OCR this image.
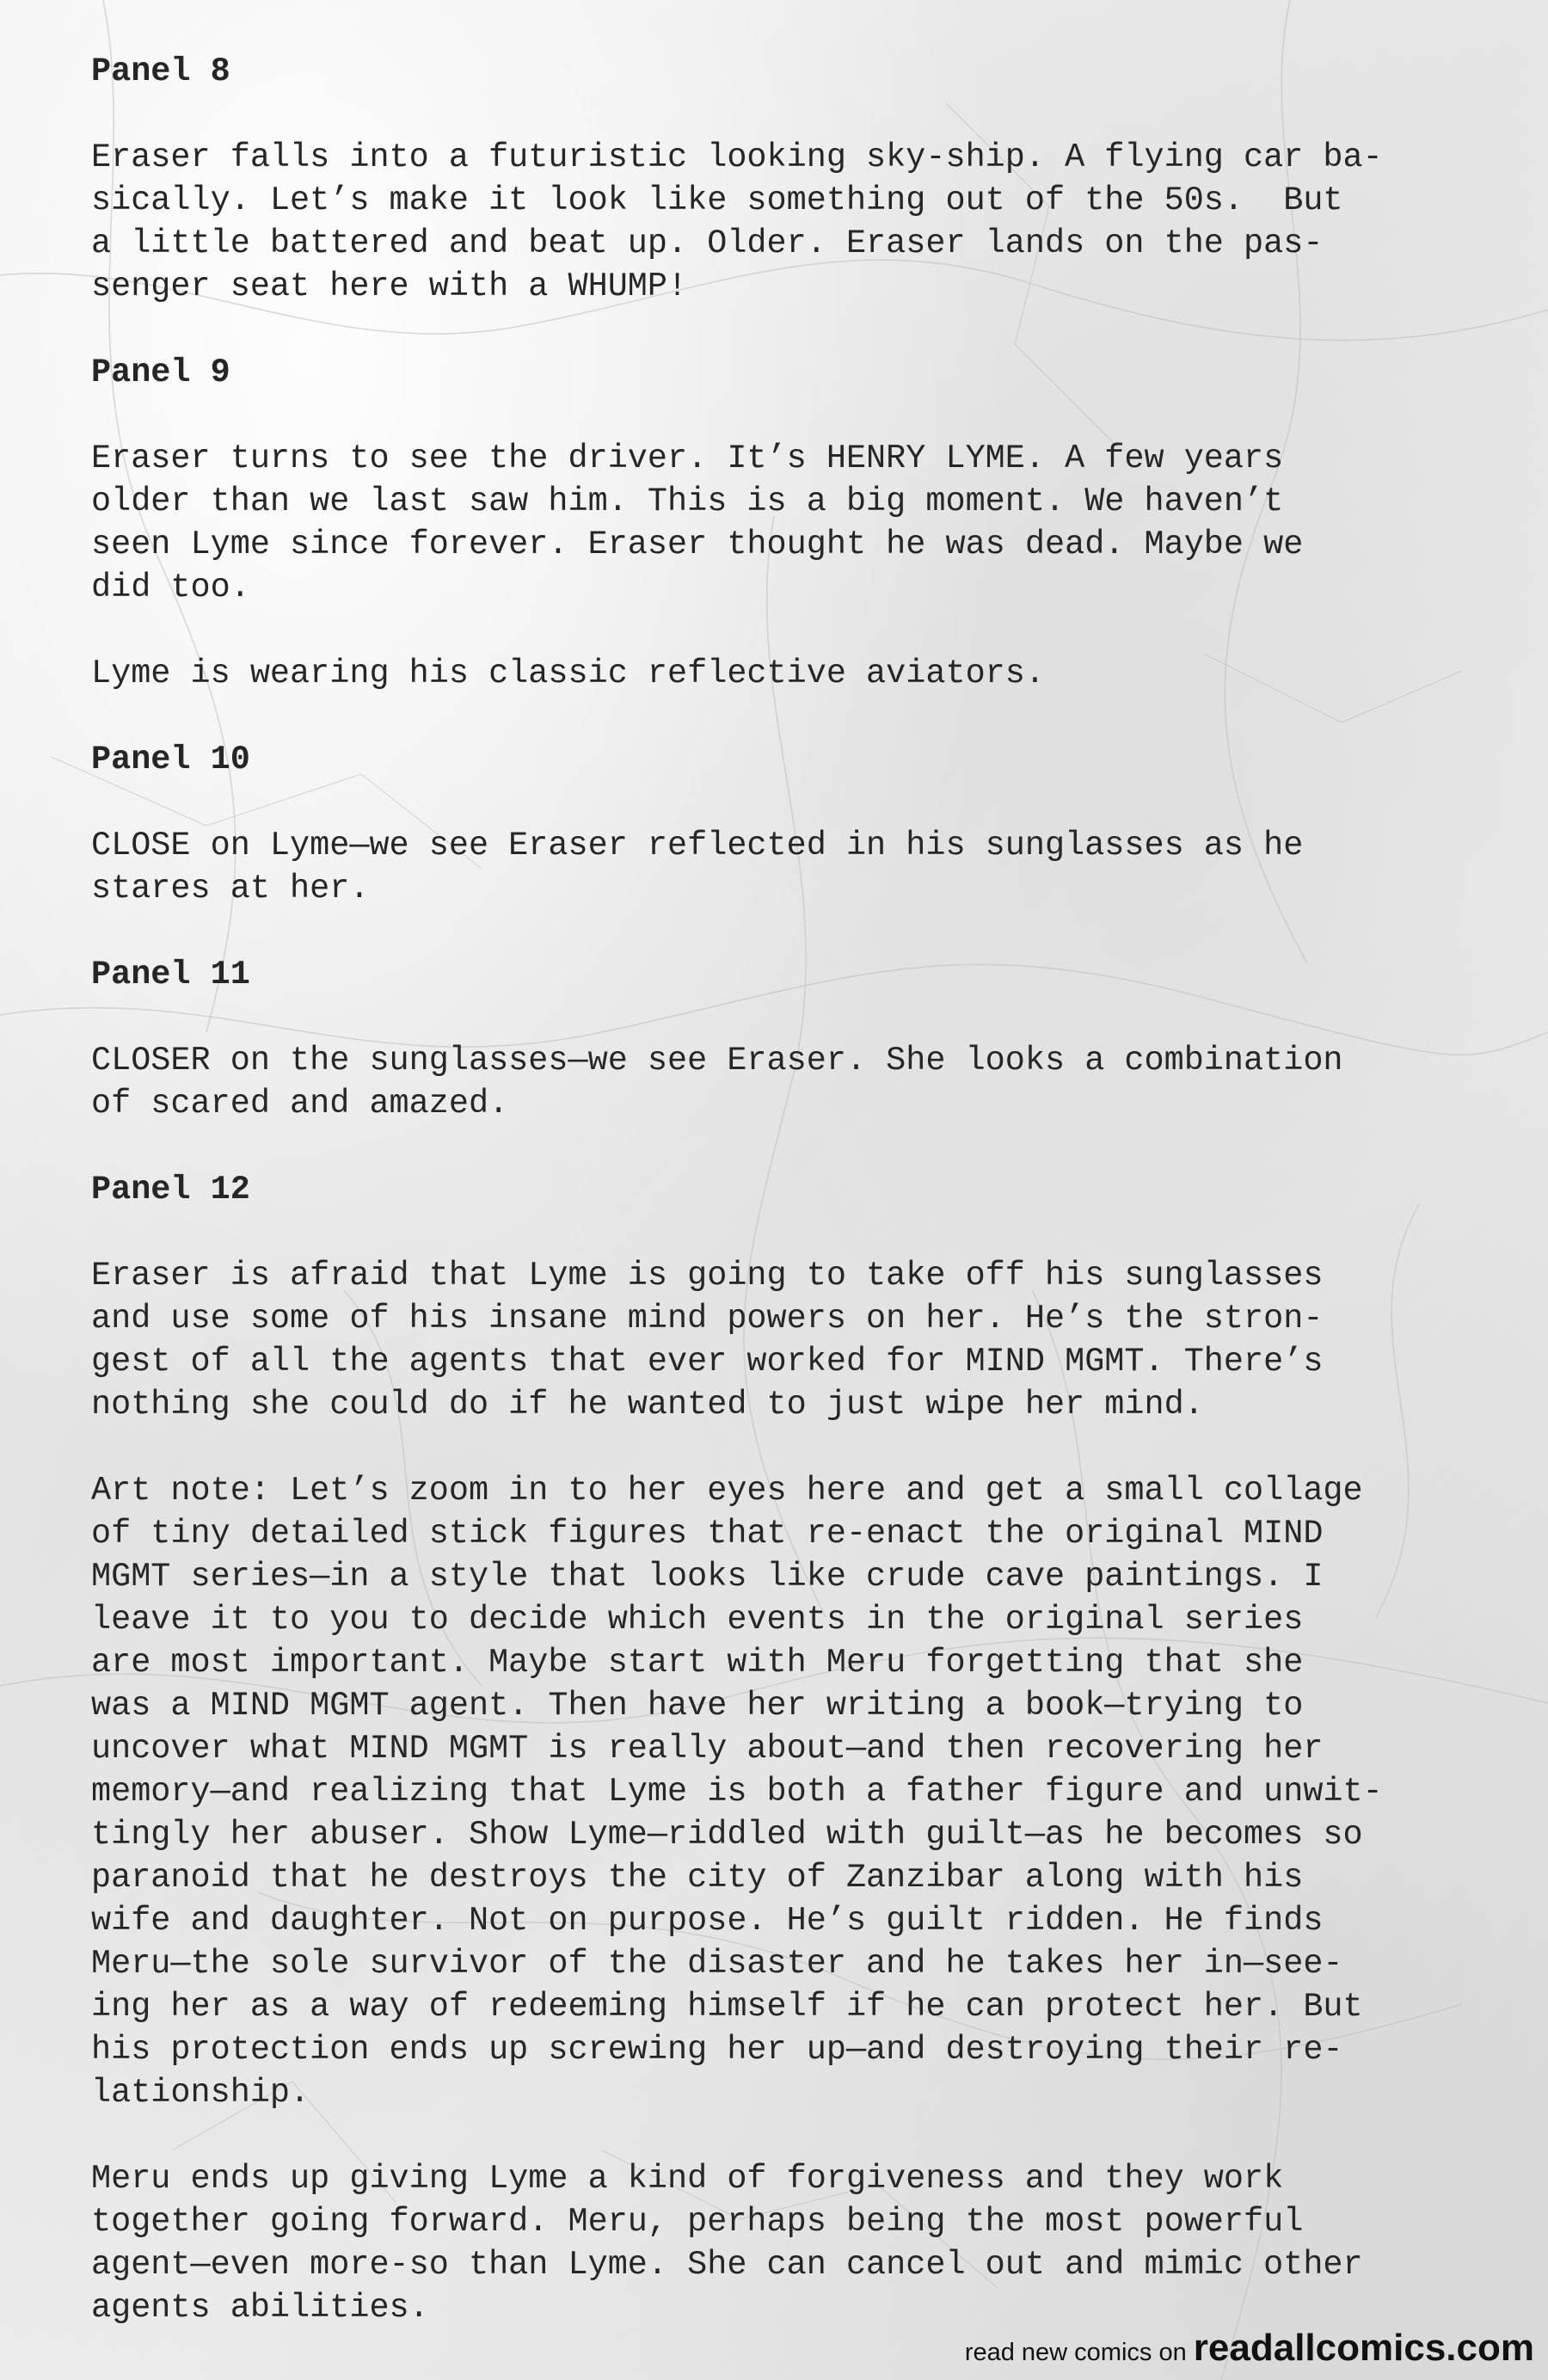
Panel 8
Eraser falls into a futuristic looking sky-ship. A flying car ba-
sically. Let’s make it look like something out of the 50s.  But
a little battered and beat up. Older. Eraser lands on the pas-
senger seat here with a WHUMP!
Panel 9
Eraser turns to see the driver. It’s HENRY LYME. A few years
older than we last saw him. This is a big moment. We haven’t
seen Lyme since forever. Eraser thought he was dead. Maybe we
did too.
Lyme is wearing his classic reflective aviators.
Panel 10
CLOSE on Lyme—we see Eraser reflected in his sunglasses as he
stares at her.
Panel 11
CLOSER on the sunglasses—we see Eraser. She looks a combination
of scared and amazed.
Panel 12
Eraser is afraid that Lyme is going to take off his sunglasses
and use some of his insane mind powers on her. He’s the stron-
gest of all the agents that ever worked for MIND MGMT. There’s
nothing she could do if he wanted to just wipe her mind.
Art note: Let’s zoom in to her eyes here and get a small collage
of tiny detailed stick figures that re-enact the original MIND
MGMT series—in a style that looks like crude cave paintings. I
leave it to you to decide which events in the original series
are most important. Maybe start with Meru forgetting that she
was a MIND MGMT agent. Then have her writing a book—trying to
uncover what MIND MGMT is really about—and then recovering her
memory—and realizing that Lyme is both a father figure and unwit-
tingly her abuser. Show Lyme—riddled with guilt—as he becomes so
paranoid that he destroys the city of Zanzibar along with his
wife and daughter. Not on purpose. He’s guilt ridden. He finds
Meru—the sole survivor of the disaster and he takes her in—see-
ing her as a way of redeeming himself if he can protect her. But
his protection ends up screwing her up—and destroying their re-
lationship.
Meru ends up giving Lyme a kind of forgiveness and they work
together going forward. Meru, perhaps being the most powerful
agent—even more-so than Lyme. She can cancel out and mimic other
agents abilities.
read new comics on readallcomics.com
